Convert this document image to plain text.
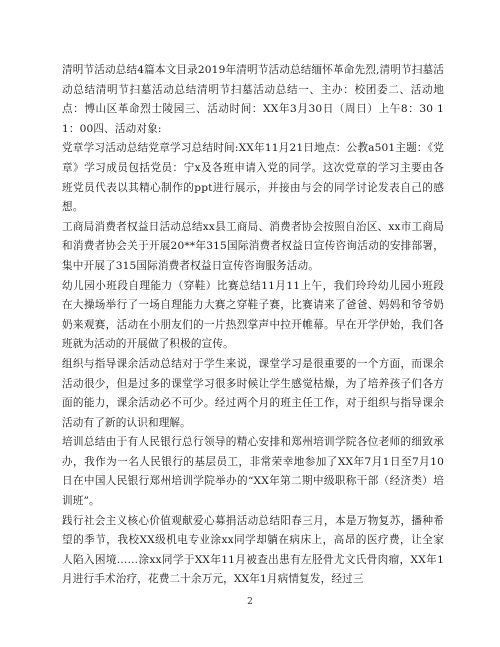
清明节活动总结4篇本文目录2019年清明节活动总结缅怀革命先烈,清明节扫墓活动总结清明节扫墓活动总结清明节扫墓活动总结一、主办：校团委二、活动地点：博山区革命烈士陵园三、活动时间：XX年3月30日（周日）上午8：30 11：00四、活动对象:

党章学习活动总结党章学习总结时间:XX年11月21日地点：公教a501主题：《党章》学习成员包括党员：宁x及各班申请入党的同学。这次党章的学习主要由各班党员代表以其精心制作的ppt进行展示，并接由与会的同学讨论发表自己的感想。

工商局消费者权益日活动总结xx县工商局、消费者协会按照自治区、xx市工商局和消费者协会关于开展20**年315国际消费者权益日宣传咨询活动的安排部署，集中开展了315国际消费者权益日宣传咨询服务活动。

幼儿园小班段自理能力（穿鞋）比赛总结11月11上午，我们玲玲幼儿园小班段在大操场举行了一场自理能力大赛之穿鞋子赛，比赛请来了爸爸、妈妈和爷爷奶奶来观赛，活动在小朋友们的一片热烈掌声中拉开帷幕。早在开学伊始，我们各班就为活动的开展做了积极的宣传。

组织与指导课余活动总结对于学生来说，课堂学习是很重要的一个方面，而课余活动很少，但是过多的课堂学习很多时候让学生感觉枯燥，为了培养孩子们各方面的能力，课余活动必不可少。经过两个月的班主任工作，对于组织与指导课余活动有了新的认识和理解。

培训总结由于有人民银行总行领导的精心安排和郑州培训学院各位老师的细致承办，我作为一名人民银行的基层员工，非常荣幸地参加了XX年7月1日至7月10日在中国人民银行郑州培训学院举办的“XX年第二期中级职称干部（经济类）培训班”。

践行社会主义核心价值观献爱心募捐活动总结阳春三月，本是万物复苏，播种希望的季节，我校XX级机电专业涂xx同学却躺在病床上，高昂的医疗费，让全家人陷入困境……涂xx同学于XX年11月被查出患有左胫骨尤文氏骨肉瘤，XX年1月进行手术治疗，花费二十余万元，XX年1月病情复发，经过三

2
